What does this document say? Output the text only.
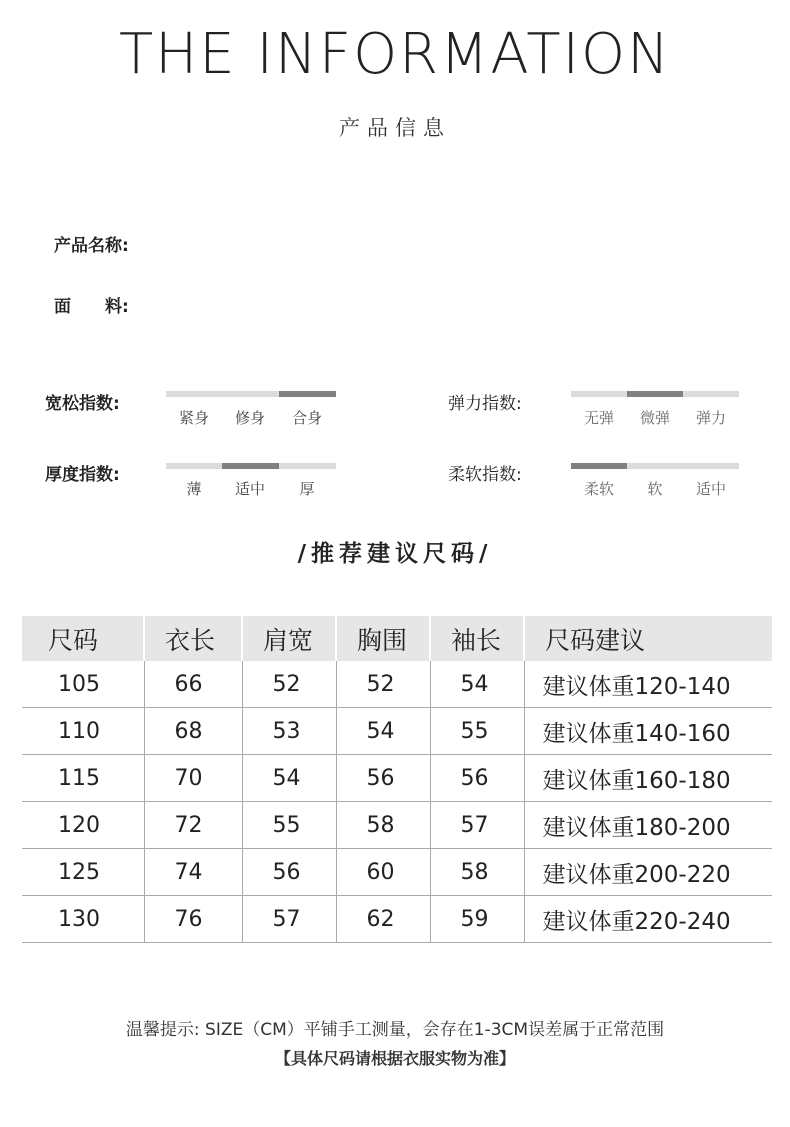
THE INFORMATION
产品信息
产品名称:
面　　料:
宽松指数:
紧身	修身	合身
弹力指数:
无弹	微弹	弹力
厚度指数:
薄	适中	厚
柔软指数:
柔软	软	适中
/推荐建议尺码/
尺码	衣长	肩宽	胸围	袖长	尺码建议
105	66	52	52	54	建议体重120-140
110	68	53	54	55	建议体重140-160
115	70	54	56	56	建议体重160-180
120	72	55	58	57	建议体重180-200
125	74	56	60	58	建议体重200-220
130	76	57	62	59	建议体重220-240
温馨提示: SIZE（CM）平铺手工测量，会存在1-3CM误差属于正常范围
【具体尺码请根据衣服实物为准】
